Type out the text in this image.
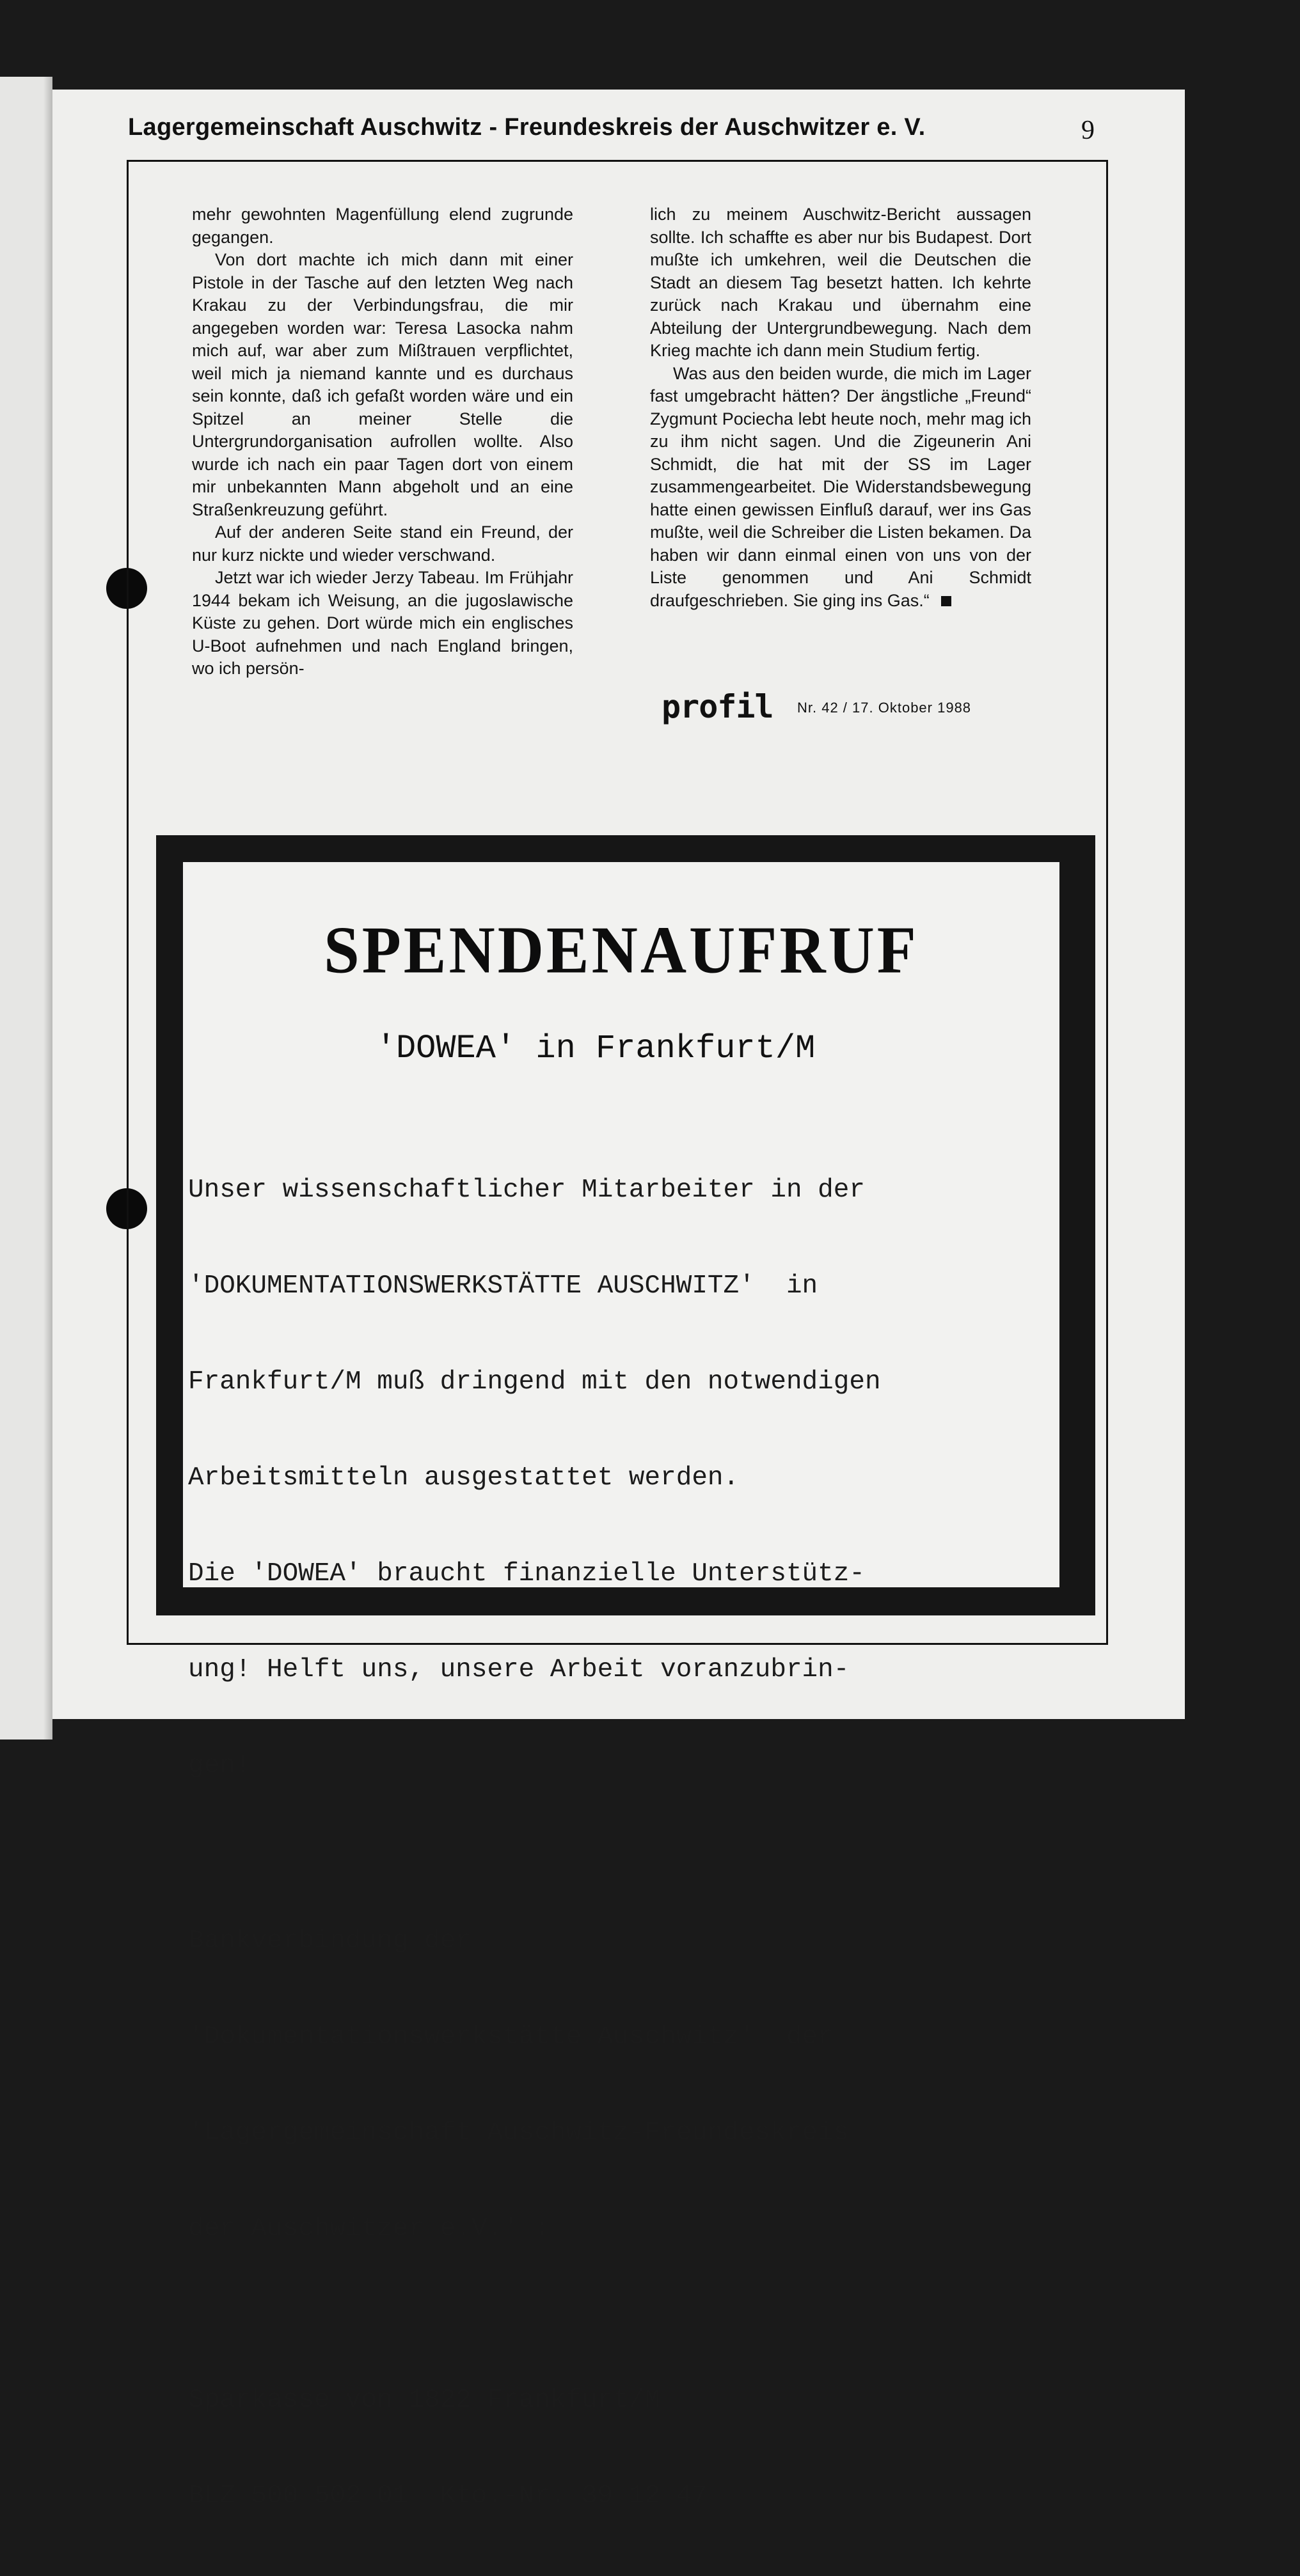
Lagergemeinschaft Auschwitz - Freundeskreis der Auschwitzer e. V.	9

mehr gewohnten Magenfüllung elend zugrunde gegangen.

Von dort machte ich mich dann mit einer Pistole in der Tasche auf den letzten Weg nach Krakau zu der Verbindungsfrau, die mir angegeben worden war: Teresa Lasocka nahm mich auf, war aber zum Mißtrauen verpflichtet, weil mich ja niemand kannte und es durchaus sein konnte, daß ich gefaßt worden wäre und ein Spitzel an meiner Stelle die Untergrundorganisation aufrollen wollte. Also wurde ich nach ein paar Tagen dort von einem mir unbekannten Mann abgeholt und an eine Straßenkreuzung geführt.

Auf der anderen Seite stand ein Freund, der nur kurz nickte und wieder verschwand.

Jetzt war ich wieder Jerzy Tabeau. Im Frühjahr 1944 bekam ich Weisung, an die jugoslawische Küste zu gehen. Dort würde mich ein englisches U-Boot aufnehmen und nach England bringen, wo ich persön-

lich zu meinem Auschwitz-Bericht aussagen sollte. Ich schaffte es aber nur bis Budapest. Dort mußte ich umkehren, weil die Deutschen die Stadt an diesem Tag besetzt hatten. Ich kehrte zurück nach Krakau und übernahm eine Abteilung der Untergrundbewegung. Nach dem Krieg machte ich dann mein Studium fertig.

Was aus den beiden wurde, die mich im Lager fast umgebracht hätten? Der ängstliche „Freund“ Zygmunt Pociecha lebt heute noch, mehr mag ich zu ihm nicht sagen. Und die Zigeunerin Ani Schmidt, die hat mit der SS im Lager zusammengearbeitet. Die Widerstandsbewegung hatte einen gewissen Einfluß darauf, wer ins Gas mußte, weil die Schreiber die Listen bekamen. Da haben wir dann einmal einen von uns von der Liste genommen und Ani Schmidt draufgeschrieben. Sie ging ins Gas.“

profil Nr. 42 / 17. Oktober 1988
SPENDENAUFRUF
'DOWEA' in Frankfurt/M

Unser wissenschaftlicher Mitarbeiter in der

'DOKUMENTATIONSWERKSTÄTTE AUSCHWITZ'  in

Frankfurt/M muß dringend mit den notwendigen

Arbeitsmitteln ausgestattet werden.

Die 'DOWEA' braucht finanzielle Unterstütz-

ung! Helft uns, unsere Arbeit voranzubrin-

gen!

Bankverbindung der

'Dokumentationswerkstätte Auschwitz'  der

'Lagergemeinschaft Auschwitz-Freundeskreis

der Auschwitzer e.V.' :

Sparkasse von 1822 Frankfurt/M

BLZ 500 502 01  Kto.-Nr. 39 12 47
